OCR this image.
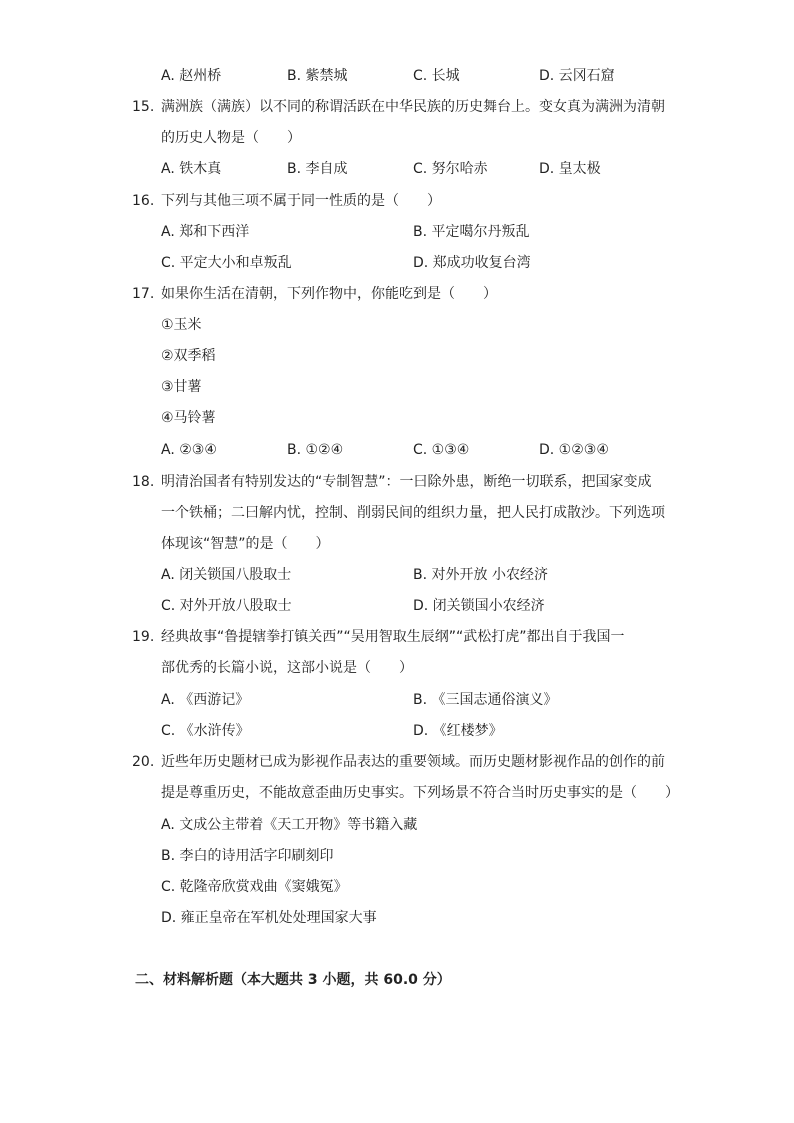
A. 赵州桥	B. 紫禁城	C. 长城	D. 云冈石窟
15. 满洲族（满族）以不同的称谓活跃在中华民族的历史舞台上。变女真为满洲为清朝
的历史人物是（　　）
A. 铁木真	B. 李自成	C. 努尔哈赤	D. 皇太极
16. 下列与其他三项不属于同一性质的是（　　）
A. 郑和下西洋	B. 平定噶尔丹叛乱
C. 平定大小和卓叛乱	D. 郑成功收复台湾
17. 如果你生活在清朝，下列作物中，你能吃到是（　　）
①玉米
②双季稻
③甘薯
④马铃薯
A. ②③④	B. ①②④	C. ①③④	D. ①②③④
18. 明清治国者有特别发达的“专制智慧”：一曰除外患，断绝一切联系，把国家变成
一个铁桶；二曰解内忧，控制、削弱民间的组织力量，把人民打成散沙。下列选项
体现该“智慧”的是（　　）
A. 闭关锁国八股取士	B. 对外开放 小农经济
C. 对外开放八股取士	D. 闭关锁国小农经济
19. 经典故事“鲁提辖拳打镇关西”“吴用智取生辰纲”“武松打虎”都出自于我国一
部优秀的长篇小说，这部小说是（　　）
A. 《西游记》	B. 《三国志通俗演义》
C. 《水浒传》	D. 《红楼梦》
20. 近些年历史题材已成为影视作品表达的重要领域。而历史题材影视作品的创作的前
提是尊重历史，不能故意歪曲历史事实。下列场景不符合当时历史事实的是（　　）
A. 文成公主带着《天工开物》等书籍入藏
B. 李白的诗用活字印刷刻印
C. 乾隆帝欣赏戏曲《窦娥冤》
D. 雍正皇帝在军机处处理国家大事
二、材料解析题（本大题共 3 小题，共 60.0 分）
